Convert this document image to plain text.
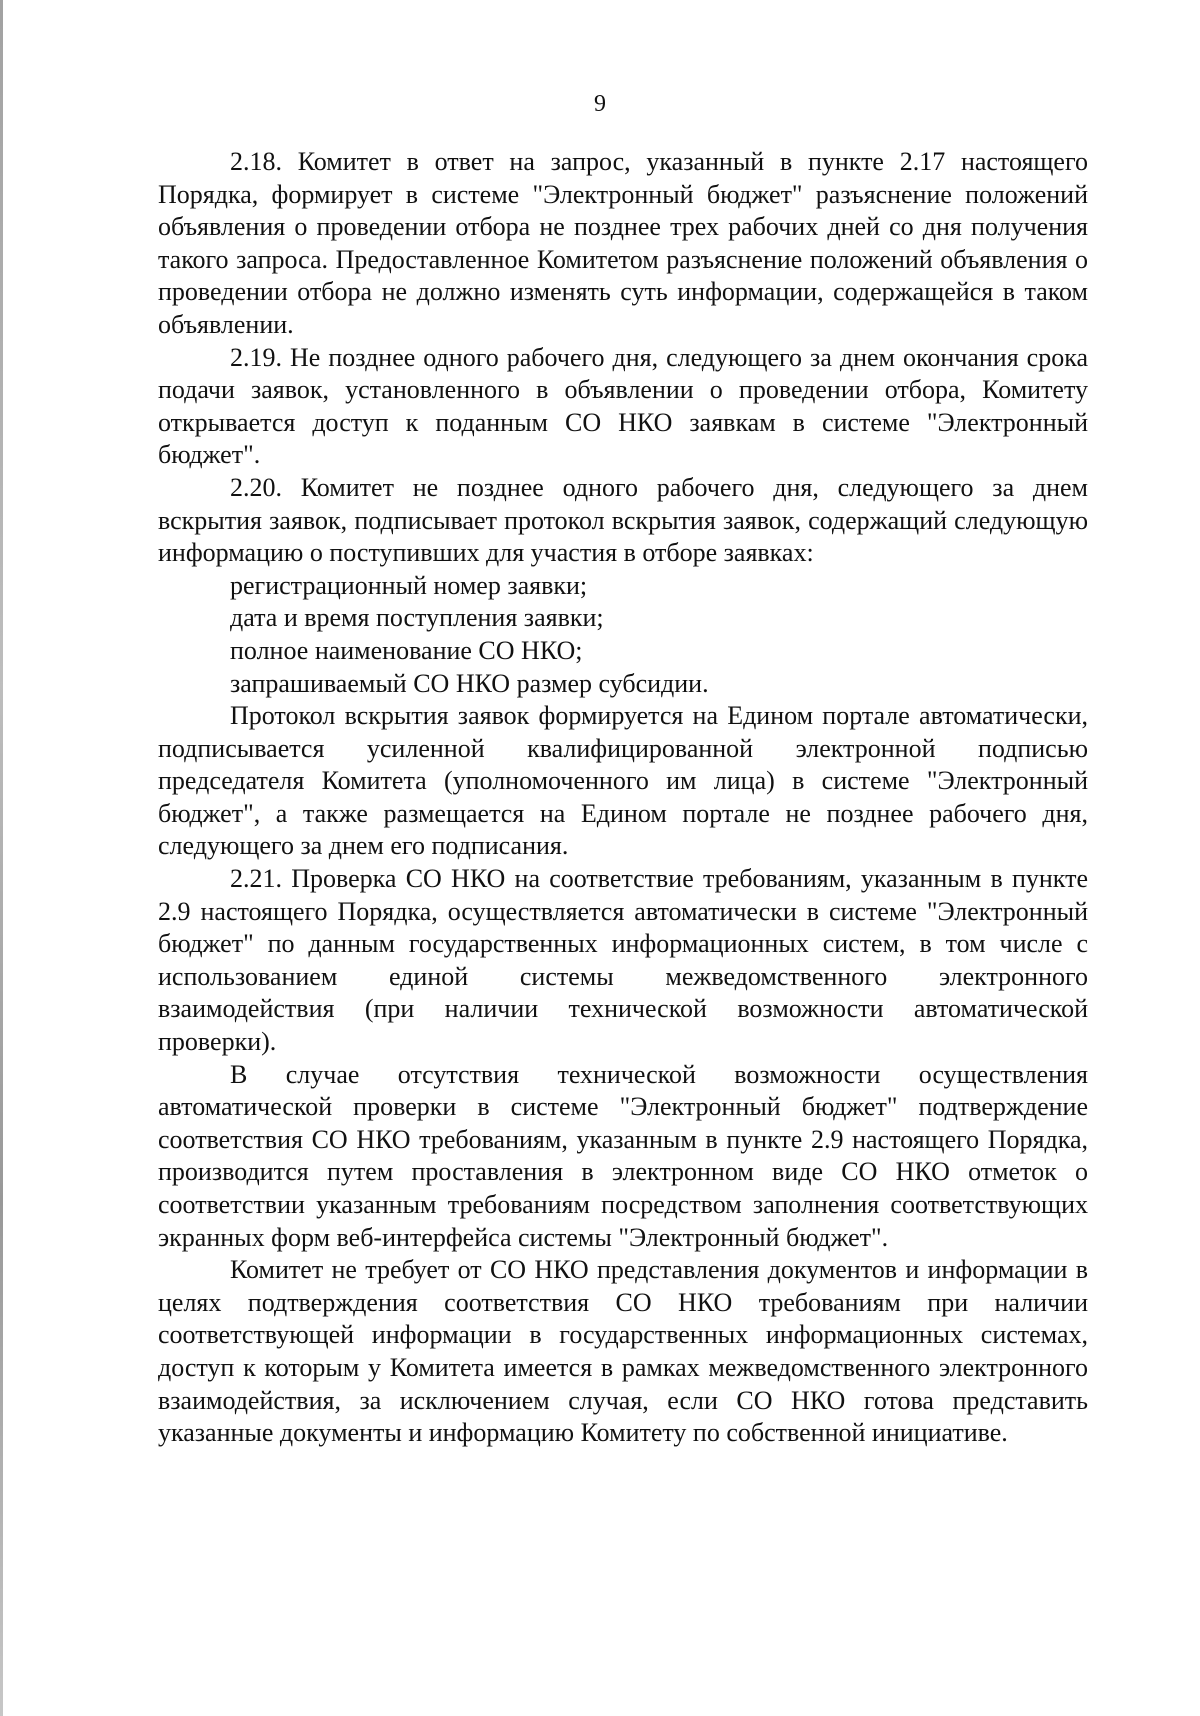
9

2.18. Комитет в ответ на запрос, указанный в пункте 2.17 настоящего Порядка, формирует в системе "Электронный бюджет" разъяснение положений объявления о проведении отбора не позднее трех рабочих дней со дня получения такого запроса. Предоставленное Комитетом разъяснение положений объявления о проведении отбора не должно изменять суть информации, содержащейся в таком объявлении.

2.19. Не позднее одного рабочего дня, следующего за днем окончания срока подачи заявок, установленного в объявлении о проведении отбора, Комитету открывается доступ к поданным СО НКО заявкам в системе "Электронный бюджет".

2.20. Комитет не позднее одного рабочего дня, следующего за днем вскрытия заявок, подписывает протокол вскрытия заявок, содержащий следующую информацию о поступивших для участия в отборе заявках:

регистрационный номер заявки;

дата и время поступления заявки;

полное наименование СО НКО;

запрашиваемый СО НКО размер субсидии.

Протокол вскрытия заявок формируется на Едином портале автоматически, подписывается усиленной квалифицированной электронной подписью председателя Комитета (уполномоченного им лица) в системе "Электронный бюджет", а также размещается на Едином портале не позднее рабочего дня, следующего за днем его подписания.

2.21. Проверка СО НКО на соответствие требованиям, указанным в пункте 2.9 настоящего Порядка, осуществляется автоматически в системе "Электронный бюджет" по данным государственных информационных систем, в том числе с использованием единой системы межведомственного электронного взаимодействия (при наличии технической возможности автоматической проверки).

В случае отсутствия технической возможности осуществления автоматической проверки в системе "Электронный бюджет" подтверждение соответствия СО НКО требованиям, указанным в пункте 2.9 настоящего Порядка, производится путем проставления в электронном виде СО НКО отметок о соответствии указанным требованиям посредством заполнения соответствующих экранных форм веб-интерфейса системы "Электронный бюджет".

Комитет не требует от СО НКО представления документов и информации в целях подтверждения соответствия СО НКО требованиям при наличии соответствующей информации в государственных информационных системах, доступ к которым у Комитета имеется в рамках межведомственного электронного взаимодействия, за исключением случая, если СО НКО готова представить указанные документы и информацию Комитету по собственной инициативе.
